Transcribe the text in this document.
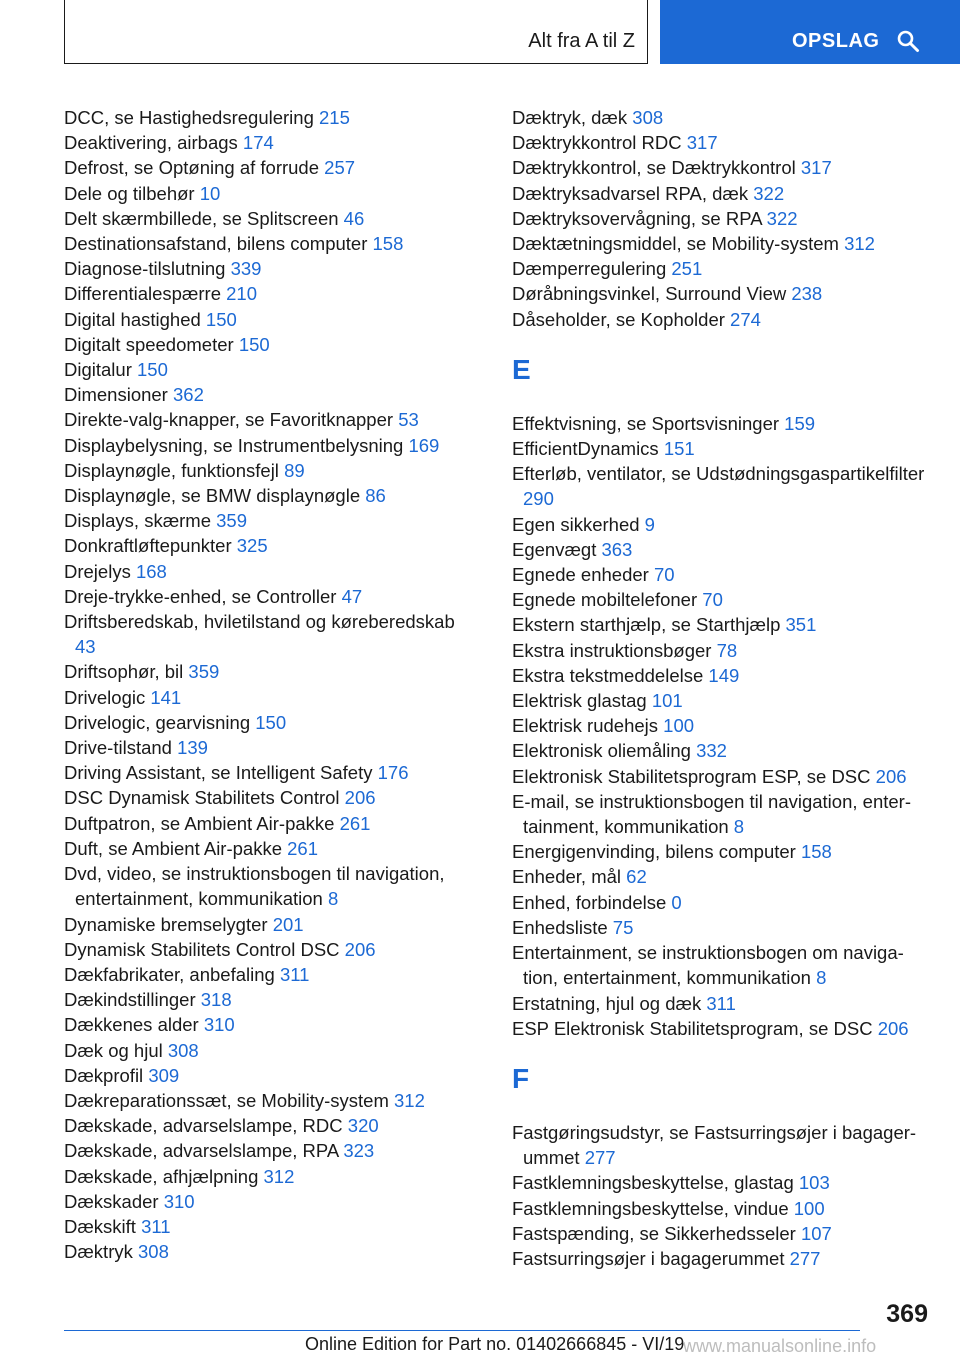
Alt fra A til Z	OPSLAG
DCC, se Hastighedsregulering 215
Deaktivering, airbags 174
Defrost, se Optøning af forrude 257
Dele og tilbehør 10
Delt skærmbillede, se Splitscreen 46
Destinationsafstand, bilens computer 158
Diagnose-tilslutning 339
Differentialespærre 210
Digital hastighed 150
Digitalt speedometer 150
Digitalur 150
Dimensioner 362
Direkte-valg-knapper, se Favoritknapper 53
Displaybelysning, se Instrumentbelysning 169
Displaynøgle, funktionsfejl 89
Displaynøgle, se BMW displaynøgle 86
Displays, skærme 359
Donkraftløftepunkter 325
Drejelys 168
Dreje-trykke-enhed, se Controller 47
Driftsberedskab, hviletilstand og køreberedskab 43
Driftsophør, bil 359
Drivelogic 141
Drivelogic, gearvisning 150
Drive-tilstand 139
Driving Assistant, se Intelligent Safety 176
DSC Dynamisk Stabilitets Control 206
Duftpatron, se Ambient Air-pakke 261
Duft, se Ambient Air-pakke 261
Dvd, video, se instruktionsbogen til navigation, entertainment, kommunikation 8
Dynamiske bremselygter 201
Dynamisk Stabilitets Control DSC 206
Dækfabrikater, anbefaling 311
Dækindstillinger 318
Dækkenes alder 310
Dæk og hjul 308
Dækprofil 309
Dækreparationssæt, se Mobility-system 312
Dækskade, advarselslampe, RDC 320
Dækskade, advarselslampe, RPA 323
Dækskade, afhjælpning 312
Dækskader 310
Dækskift 311
Dæktryk 308
Dæktryk, dæk 308
Dæktrykkontrol RDC 317
Dæktrykkontrol, se Dæktrykkontrol 317
Dæktryksadvarsel RPA, dæk 322
Dæktryksovervågning, se RPA 322
Dæktætningsmiddel, se Mobility-system 312
Dæmperregulering 251
Døråbningsvinkel, Surround View 238
Dåseholder, se Kopholder 274
E
Effektvisning, se Sportsvisninger 159
EfficientDynamics 151
Efterløb, ventilator, se Udstødningsgaspartikelfilter 290
Egen sikkerhed 9
Egenvægt 363
Egnede enheder 70
Egnede mobiltelefoner 70
Ekstern starthjælp, se Starthjælp 351
Ekstra instruktionsbøger 78
Ekstra tekstmeddelelse 149
Elektrisk glastag 101
Elektrisk rudehejs 100
Elektronisk oliemåling 332
Elektronisk Stabilitetsprogram ESP, se DSC 206
E-mail, se instruktionsbogen til navigation, entertainment, kommunikation 8
Energigenvinding, bilens computer 158
Enheder, mål 62
Enhed, forbindelse 0
Enhedsliste 75
Entertainment, se instruktionsbogen om navigation, entertainment, kommunikation 8
Erstatning, hjul og dæk 311
ESP Elektronisk Stabilitetsprogram, se DSC 206
F
Fastgøringsudstyr, se Fastsurringsøjer i bagagerummet 277
Fastklemningsbeskyttelse, glastag 103
Fastklemningsbeskyttelse, vindue 100
Fastspænding, se Sikkerhedsseler 107
Fastsurringsøjer i bagagerummet 277
369
Online Edition for Part no. 01402666845 - VI/19
www.manualsonline.info
